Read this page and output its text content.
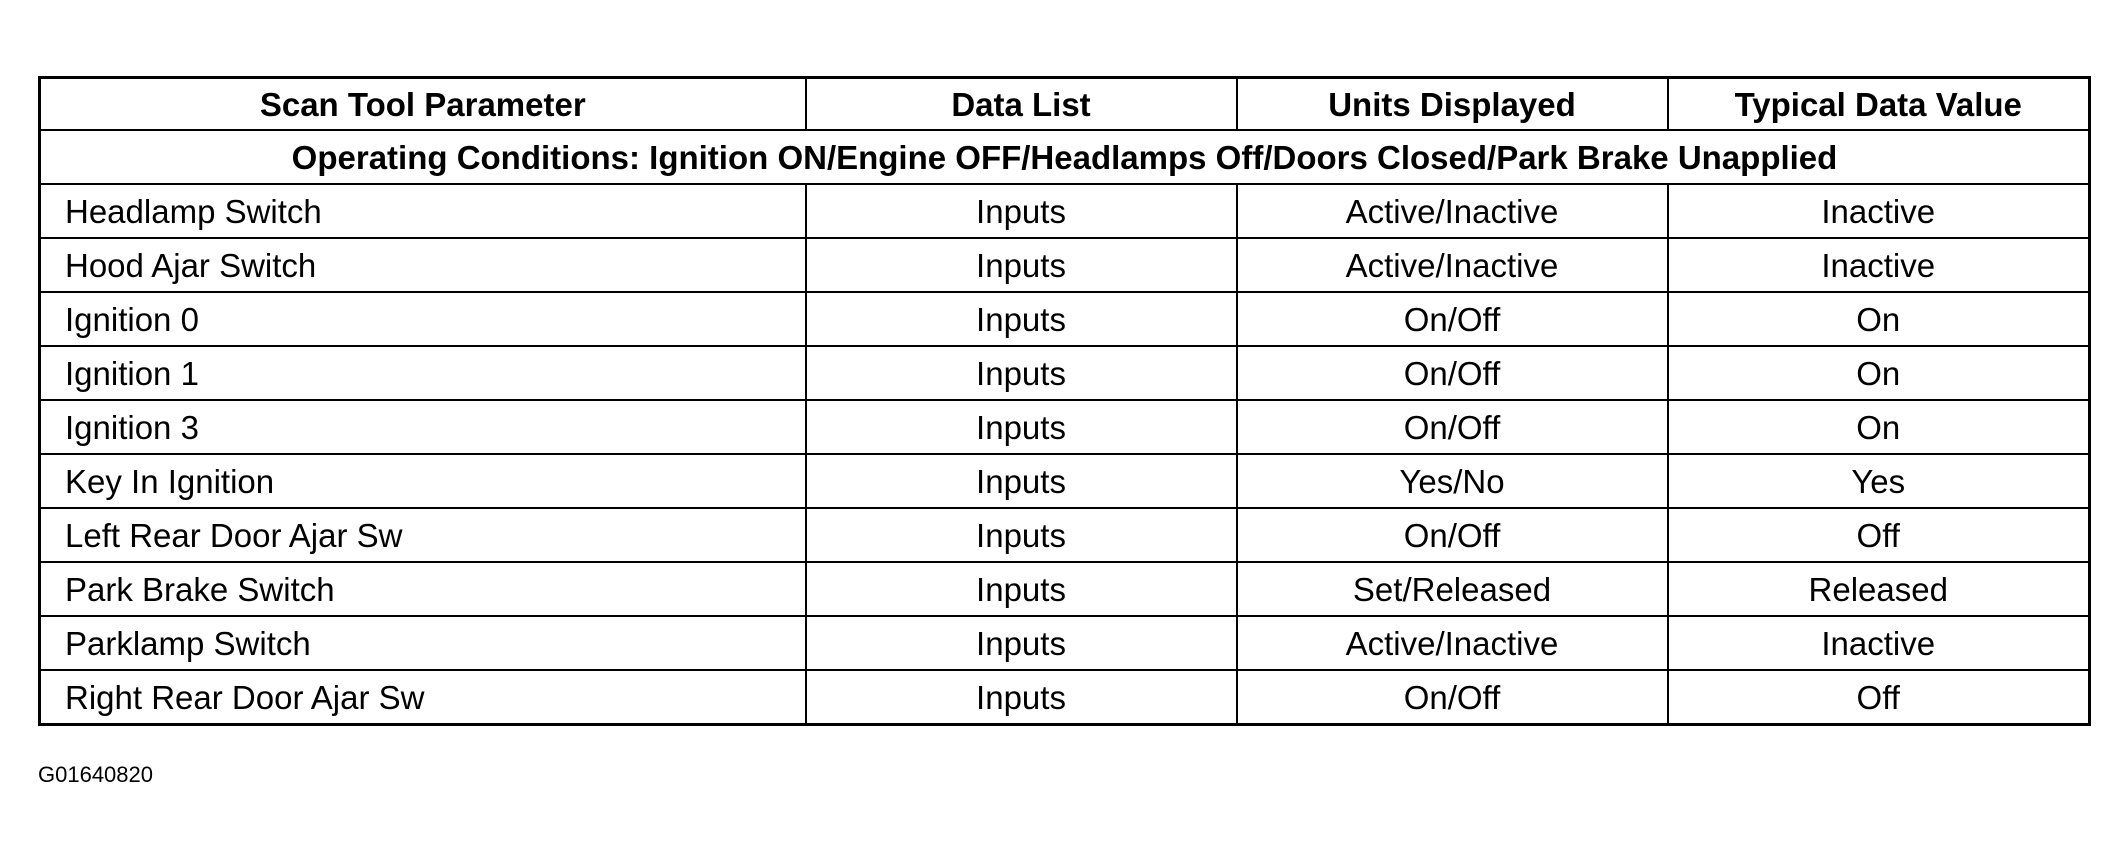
Scan Tool Parameter	Data List	Units Displayed	Typical Data Value
Operating Conditions: Ignition ON/Engine OFF/Headlamps Off/Doors Closed/Park Brake Unapplied			
Headlamp Switch	Inputs	Active/Inactive	Inactive
Hood Ajar Switch	Inputs	Active/Inactive	Inactive
Ignition 0	Inputs	On/Off	On
Ignition 1	Inputs	On/Off	On
Ignition 3	Inputs	On/Off	On
Key In Ignition	Inputs	Yes/No	Yes
Left Rear Door Ajar Sw	Inputs	On/Off	Off
Park Brake Switch	Inputs	Set/Released	Released
Parklamp Switch	Inputs	Active/Inactive	Inactive
Right Rear Door Ajar Sw	Inputs	On/Off	Off
G01640820
